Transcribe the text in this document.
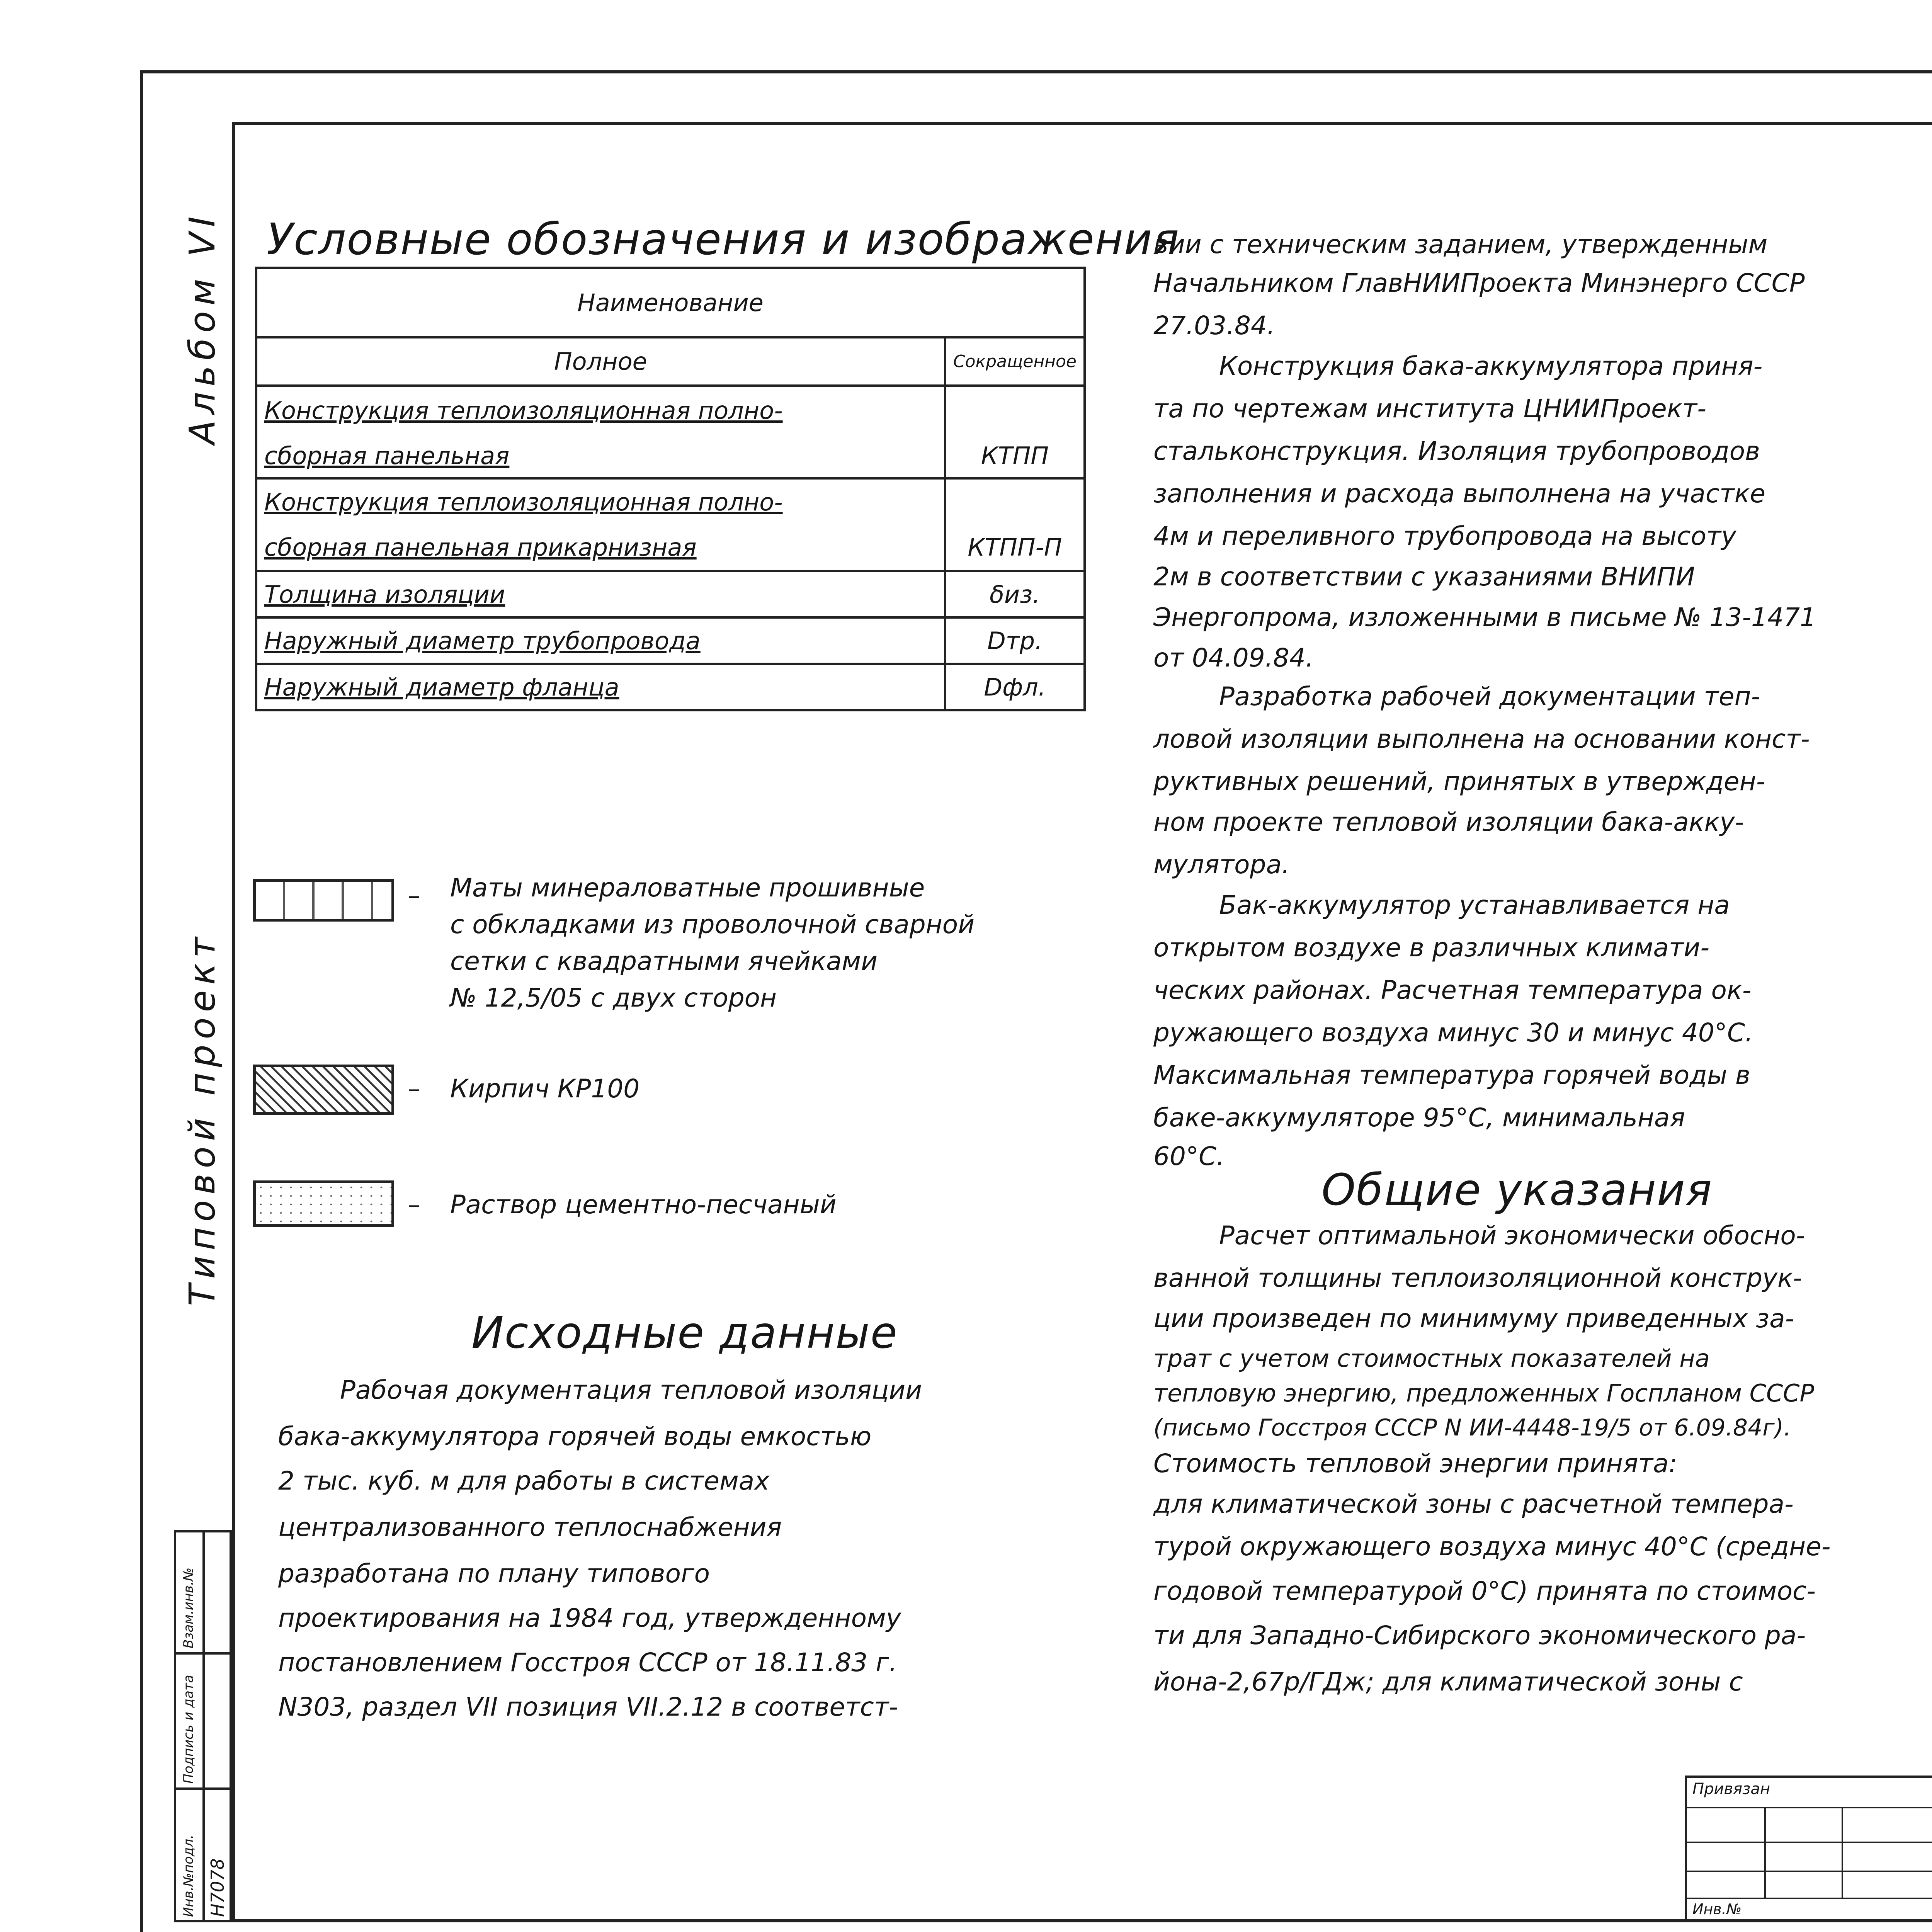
Альбом VI
Типовой проект
Взам.инв.№
Подпись и дата
Инв.№подл. Н7078
Условные обозначения и изображения
Наименование	
Полное	Сокращенное
Конструкция теплоизоляционная полно-	
сборная панельная	КТПП
Конструкция теплоизоляционная полно-	
сборная панельная прикарнизная	КТПП-П
Толщина изоляции	δиз.
Наружный диаметр трубопровода	Dтр.
Наружный диаметр фланца	Dфл.
– Маты минераловатные прошивные
с обкладками из проволочной сварной
сетки с квадратными ячейками
№ 12,5/05 с двух сторон
– Кирпич КР100
– Раствор цементно-песчаный
Исходные данные
Рабочая документация тепловой изоляции
бака-аккумулятора горячей воды емкостью
2 тыс. куб. м для работы в системах
централизованного теплоснабжения
разработана по плану типового
проектирования на 1984 год, утвержденному
постановлением Госстроя СССР от 18.11.83 г.
N303, раздел VII позиция VII.2.12 в соответст-
вии с техническим заданием, утвержденным
Начальником ГлавНИИПроекта Минэнерго СССР
27.03.84.
Конструкция бака-аккумулятора приня-
та по чертежам института ЦНИИПроект-
стальконструкция. Изоляция трубопроводов
заполнения и расхода выполнена на участке
4м и переливного трубопровода на высоту
2м в соответствии с указаниями ВНИПИ
Энергопрома, изложенными в письме № 13-1471
от 04.09.84.
Разработка рабочей документации теп-
ловой изоляции выполнена на основании конст-
руктивных решений, принятых в утвержден-
ном проекте тепловой изоляции бака-акку-
мулятора.
Бак-аккумулятор устанавливается на
открытом воздухе в различных климати-
ческих районах. Расчетная температура ок-
ружающего воздуха минус 30 и минус 40°С.
Максимальная температура горячей воды в
баке-аккумуляторе 95°С, минимальная
60°С.
Общие указания
Расчет оптимальной экономически обосно-
ванной толщины теплоизоляционной конструк-
ции произведен по минимуму приведенных за-
трат с учетом стоимостных показателей на
тепловую энергию, предложенных Госпланом СССР
(письмо Госстроя СССР N ИИ-4448-19/5 от 6.09.84г).
Стоимость тепловой энергии принята:
для климатической зоны с расчетной темпера-
турой окружающего воздуха минус 40°С (средне-
годовой температурой 0°С) принята по стоимос-
ти для Западно-Сибирского экономического ра-
йона-2,67р/ГДж; для климатической зоны с

Привязан
Инв.№
